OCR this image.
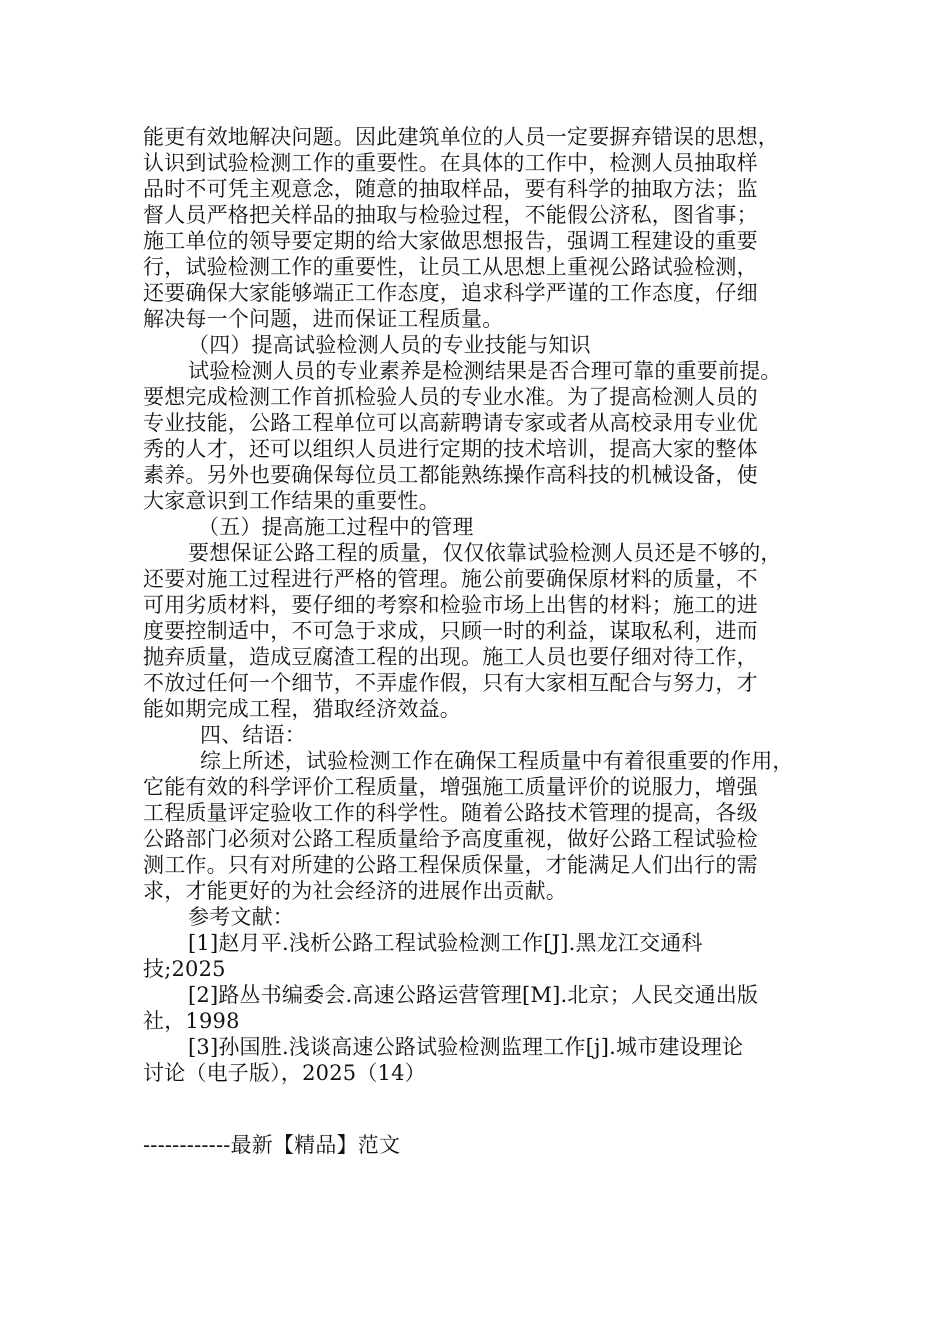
能更有效地解决问题。因此建筑单位的人员一定要摒弃错误的思想，
认识到试验检测工作的重要性。在具体的工作中，检测人员抽取样
品时不可凭主观意念，随意的抽取样品，要有科学的抽取方法；监
督人员严格把关样品的抽取与检验过程，不能假公济私，图省事；
施工单位的领导要定期的给大家做思想报告，强调工程建设的重要
行，试验检测工作的重要性，让员工从思想上重视公路试验检测，
还要确保大家能够端正工作态度，追求科学严谨的工作态度，仔细
解决每一个问题，进而保证工程质量。
（四）提高试验检测人员的专业技能与知识
试验检测人员的专业素养是检测结果是否合理可靠的重要前提。
要想完成检测工作首抓检验人员的专业水准。为了提高检测人员的
专业技能，公路工程单位可以高薪聘请专家或者从高校录用专业优
秀的人才，还可以组织人员进行定期的技术培训，提高大家的整体
素养。另外也要确保每位员工都能熟练操作高科技的机械设备，使
大家意识到工作结果的重要性。
（五）提高施工过程中的管理
要想保证公路工程的质量，仅仅依靠试验检测人员还是不够的，
还要对施工过程进行严格的管理。施公前要确保原材料的质量，不
可用劣质材料，要仔细的考察和检验市场上出售的材料；施工的进
度要控制适中，不可急于求成，只顾一时的利益，谋取私利，进而
抛弃质量，造成豆腐渣工程的出现。施工人员也要仔细对待工作，
不放过任何一个细节，不弄虚作假，只有大家相互配合与努力，才
能如期完成工程，猎取经济效益。
四、结语：
综上所述，试验检测工作在确保工程质量中有着很重要的作用，
它能有效的科学评价工程质量，增强施工质量评价的说服力，增强
工程质量评定验收工作的科学性。随着公路技术管理的提高，各级
公路部门必须对公路工程质量给予高度重视，做好公路工程试验检
测工作。只有对所建的公路工程保质保量，才能满足人们出行的需
求，才能更好的为社会经济的进展作出贡献。
参考文献：
[1]赵月平.浅析公路工程试验检测工作[J].黑龙江交通科
技;2025
[2]路丛书编委会.高速公路运营管理[M].北京；人民交通出版
社，1998
[3]孙国胜.浅谈高速公路试验检测监理工作[j].城市建设理论
讨论（电子版），2025（14）
------------最新【精品】范文
